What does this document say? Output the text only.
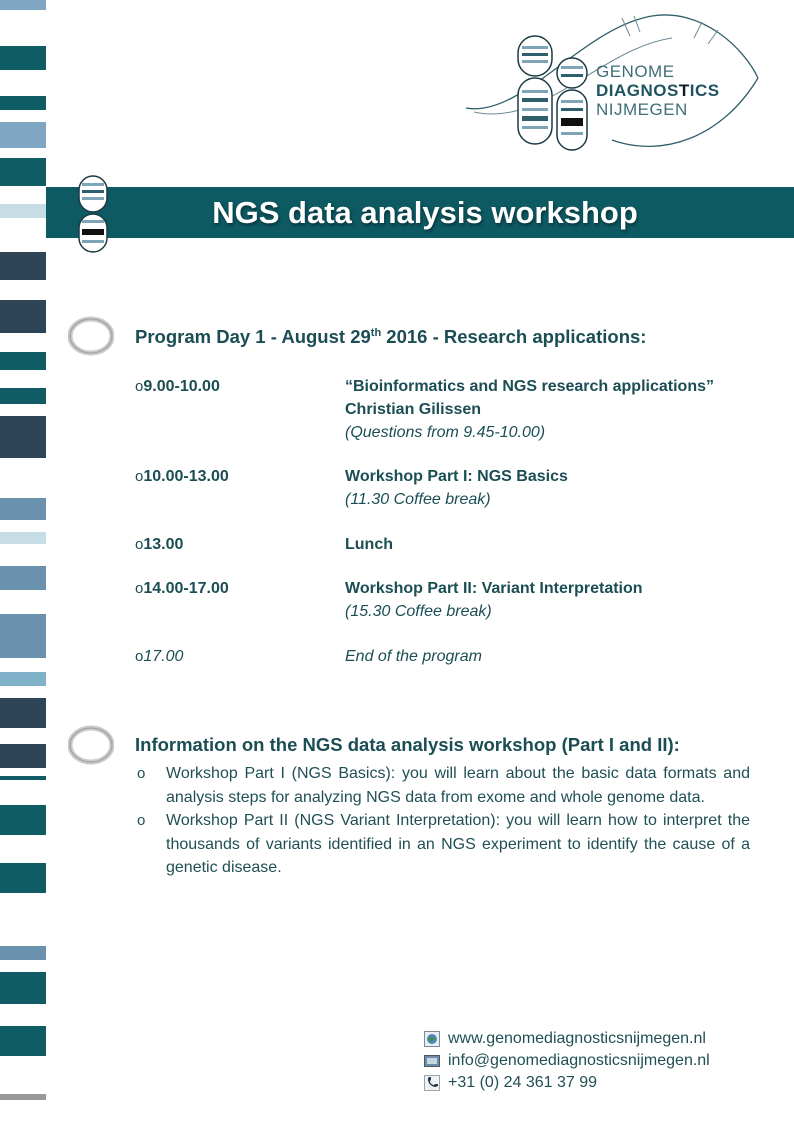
GENOME
DIAGNOSTICS
NIJMEGEN
NGS data analysis workshop
Program Day 1 - August 29th 2016 - Research applications:
o9.00-10.00	“Bioinformatics and NGS research applications”
Christian Gilissen
(Questions from 9.45-10.00)
o10.00-13.00	Workshop Part I: NGS Basics
(11.30 Coffee break)
o13.00	Lunch
o14.00-17.00	Workshop Part II: Variant Interpretation
(15.30 Coffee break)
o17.00	End of the program
Information on the NGS data analysis workshop (Part I and II):
o Workshop Part I (NGS Basics): you will learn about the basic data formats and analysis steps for analyzing NGS data from exome and whole genome data.
o Workshop Part II (NGS Variant Interpretation): you will learn how to interpret the thousands of variants identified in an NGS experiment to identify the cause of a genetic disease.
www.genomediagnosticsnijmegen.nl
info@genomediagnosticsnijmegen.nl
+31 (0) 24 361 37 99
